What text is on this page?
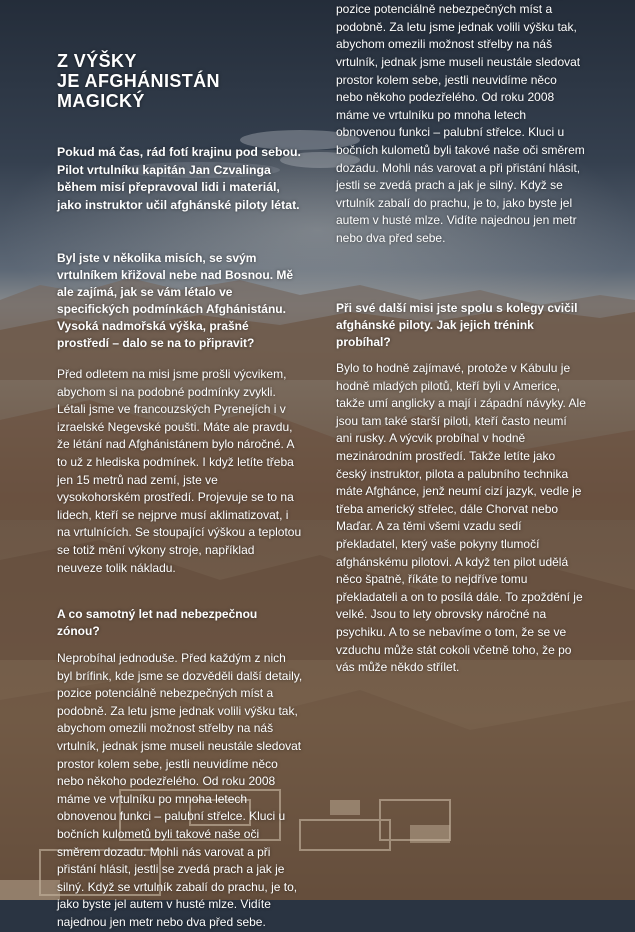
Z VÝŠKY
JE AFGHÁNISTÁN
MAGICKÝ

Pokud má čas, rád fotí krajinu pod sebou. Pilot vrtulníku kapitán Jan Czvalinga během misí přepravoval lidi i materiál, jako instruktor učil afghánské piloty létat.

Byl jste v několika misích, se svým vrtulníkem křižoval nebe nad Bosnou. Mě ale zajímá, jak se vám létalo ve specifických podmínkách Afghánistánu. Vysoká nadmořská výška, prašné prostředí – dalo se na to připravit?

Před odletem na misi jsme prošli výcvikem, abychom si na podobné podmínky zvykli. Létali jsme ve francouzských Pyrenejích i v izraelské Negevské poušti. Máte ale pravdu, že létání nad Afghánistánem bylo náročné. A to už z hlediska podmínek. I když letíte třeba jen 15 metrů nad zemí, jste ve vysokohorském prostředí. Projevuje se to na lidech, kteří se nejprve musí aklimatizovat, i na vrtulnících. Se stoupající výškou a teplotou se totiž mění výkony stroje, například neuveze tolik nákladu.

A co samotný let nad nebezpečnou zónou?

Neprobíhal jednoduše. Před každým z nich byl brífink, kde jsme se dozvěděli další detaily, pozice potenciálně nebezpečných míst a podobně. Za letu jsme jednak volili výšku tak, abychom omezili možnost střelby na náš vrtulník, jednak jsme museli neustále sledovat prostor kolem sebe, jestli neuvidíme něco nebo někoho podezřelého. Od roku 2008 máme ve vrtulníku po mnoha letech obnovenou funkci – palubní střelce. Kluci u bočních kulometů byli takové naše oči směrem dozadu. Mohli nás varovat a při přistání hlásit, jestli se zvedá prach a jak je silný. Když se vrtulník zabalí do prachu, je to, jako byste jel autem v husté mlze. Vidíte najednou jen metr nebo dva před sebe.

pozice potenciálně nebezpečných míst a podobně. Za letu jsme jednak volili výšku tak, abychom omezili možnost střelby na náš vrtulník, jednak jsme museli neustále sledovat prostor kolem sebe, jestli neuvidíme něco nebo někoho podezřelého. Od roku 2008 máme ve vrtulníku po mnoha letech obnovenou funkci – palubní střelce. Kluci u bočních kulometů byli takové naše oči směrem dozadu. Mohli nás varovat a při přistání hlásit, jestli se zvedá prach a jak je silný. Když se vrtulník zabalí do prachu, je to, jako byste jel autem v husté mlze. Vidíte najednou jen metr nebo dva před sebe.

Při své další misi jste spolu s kolegy cvičil afghánské piloty. Jak jejich trénink probíhal?

Bylo to hodně zajímavé, protože v Kábulu je hodně mladých pilotů, kteří byli v Americe, takže umí anglicky a mají i západní návyky. Ale jsou tam také starší piloti, kteří často neumí ani rusky. A výcvik probíhal v hodně mezinárodním prostředí. Takže letíte jako český instruktor, pilota a palubního technika máte Afghánce, jenž neumí cizí jazyk, vedle je třeba americký střelec, dále Chorvat nebo Maďar. A za těmi všemi vzadu sedí překladatel, který vaše pokyny tlumočí afghánskému pilotovi. A když ten pilot udělá něco špatně, říkáte to nejdříve tomu překladateli a on to posílá dále. To zpoždění je velké. Jsou to lety obrovsky náročné na psychiku. A to se nebavíme o tom, že se ve vzduchu může stát cokoli včetně toho, že po vás může někdo střílet.
